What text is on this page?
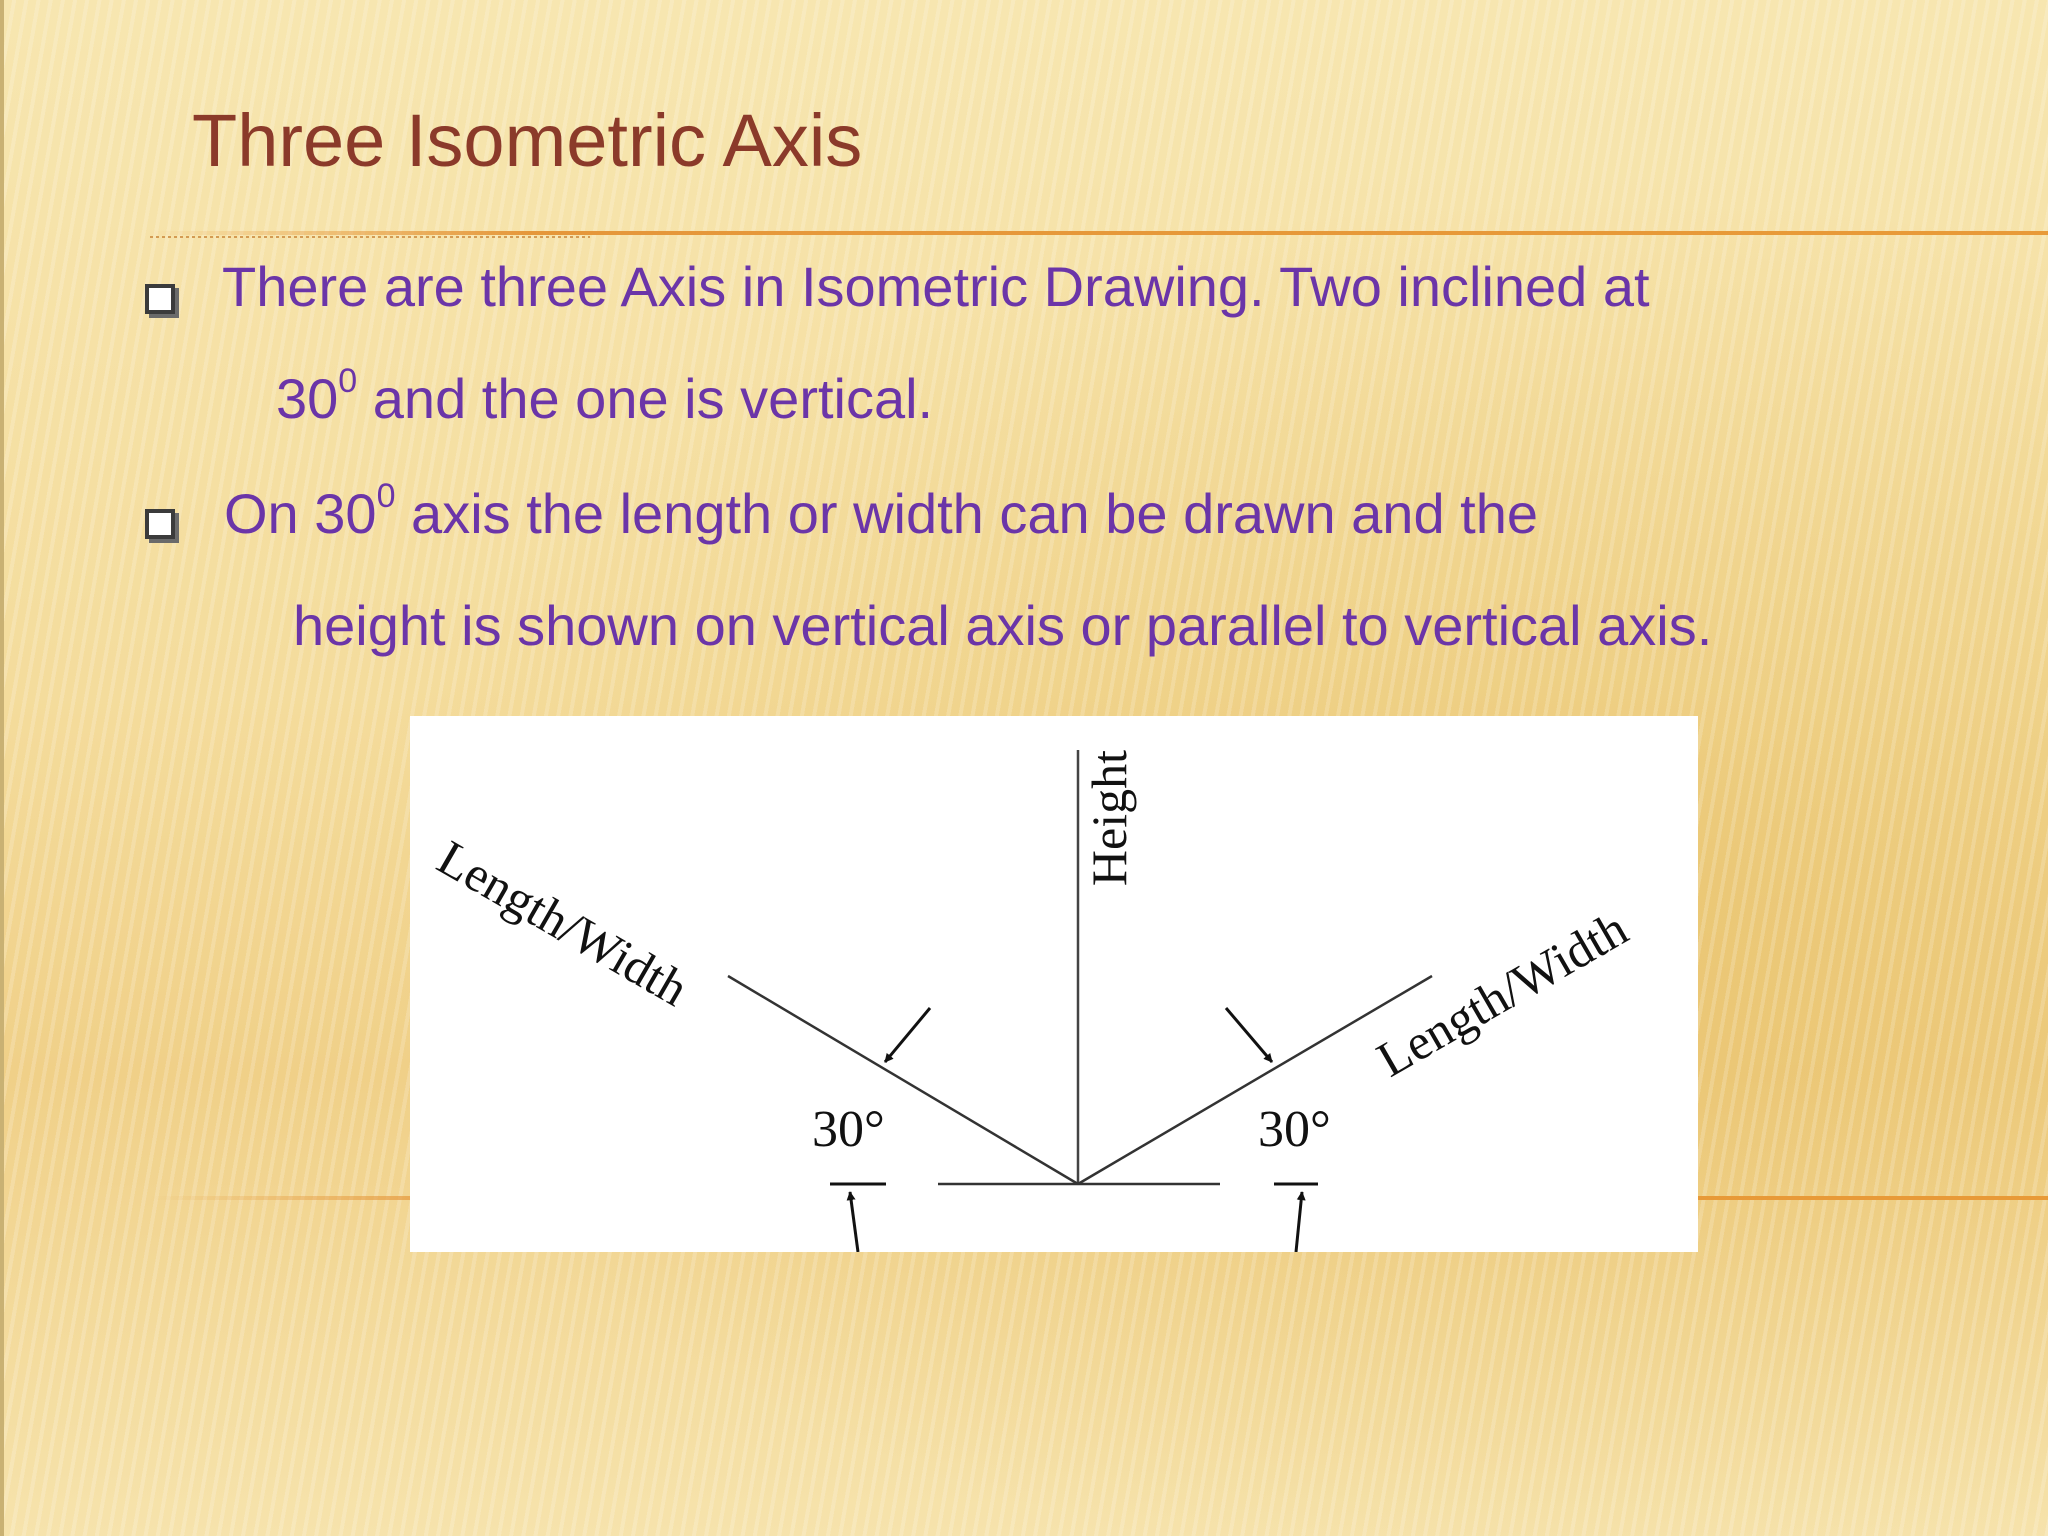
Three Isometric Axis

There are three Axis in Isometric Drawing. Two inclined at

$30^0$ and the one is vertical.

On $30^0$ axis the length or width can be drawn and the

height is shown on vertical axis or parallel to vertical axis.

Height
Length/Width	Length/Width
30°	30°
